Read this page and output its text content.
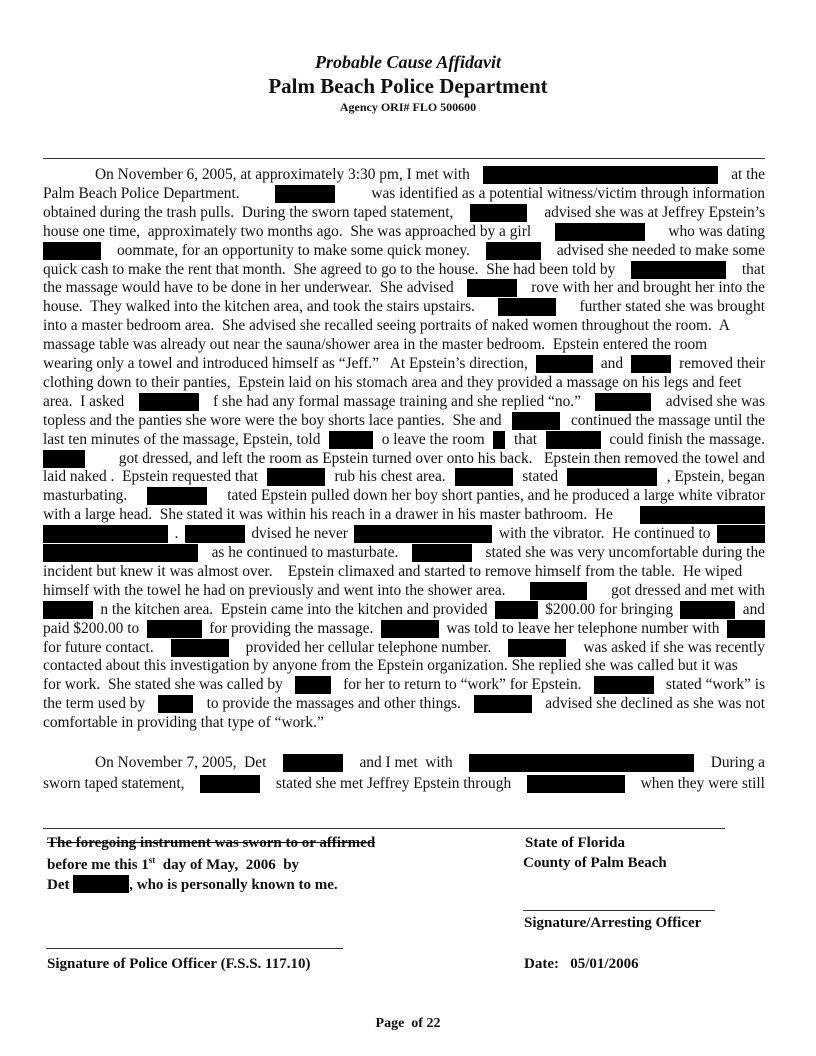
Probable Cause Affidavit
Palm Beach Police Department
Agency ORI# FLO 500600
On November 6, 2005, at approximately 3:30 pm, I met with	at the
Palm Beach Police Department.	was identified as a potential witness/victim through information
obtained during the trash pulls.  During the sworn taped statement,	advised she was at Jeffrey Epstein’s
house one time,  approximately two months ago.  She was approached by a girl	who was dating
oommate, for an opportunity to make some quick money.	advised she needed to make some
quick cash to make the rent that month.  She agreed to go to the house.  She had been told by	that
the massage would have to be done in her underwear.  She advised	rove with her and brought her into the
house.  They walked into the kitchen area, and took the stairs upstairs.	further stated she was brought
into a master bedroom area.  She advised she recalled seeing portraits of naked women throughout the room.  A
massage table was already out near the sauna/shower area in the master bedroom.  Epstein entered the room
wearing only a towel and introduced himself as “Jeff.”   At Epstein’s direction,	and	removed their
clothing down to their panties,  Epstein laid on his stomach area and they provided a massage on his legs and feet
area.  I asked	f she had any formal massage training and she replied “no.”	advised she was
topless and the panties she wore were the boy shorts lace panties.  She and	continued the massage until the
last ten minutes of the massage, Epstein, told	o leave the room that	could finish the massage.
got dressed, and left the room as Epstein turned over onto his back.   Epstein then removed the towel and
laid naked .  Epstein requested that	rub his chest area.	stated	, Epstein, began
masturbating.	tated Epstein pulled down her boy short panties, and he produced a large white vibrator
with a large head.  She stated it was within his reach in a drawer in his master bathroom.  He
.	dvised he never	with the vibrator.  He continued to
as he continued to masturbate.	stated she was very uncomfortable during the
incident but knew it was almost over.    Epstein climaxed and started to remove himself from the table.  He wiped
himself with the towel he had on previously and went into the shower area.	got dressed and met with
n the kitchen area.  Epstein came into the kitchen and provided	$200.00 for bringing	and
paid $200.00 to	for providing the massage.	was told to leave her telephone number with
for future contact.	provided her cellular telephone number.	was asked if she was recently
contacted about this investigation by anyone from the Epstein organization. She replied she was called but it was
for work.  She stated she was called by	for her to return to “work” for Epstein.	stated “work” is
the term used by	to provide the massages and other things.	advised she declined as she was not
comfortable in providing that type of “work.”
On November 7, 2005,  Det	and I met  with	During a
sworn taped statement,	stated she met Jeffrey Epstein through	when they were still
The foregoing instrument was sworn to or affirmed
before me this 1st  day of May,  2006  by
Det	, who is personally known to me.
State of Florida
County of Palm Beach
Signature/Arresting Officer
Signature of Police Officer (F.S.S. 117.10)	Date: 05/01/2006
Page  of 22
